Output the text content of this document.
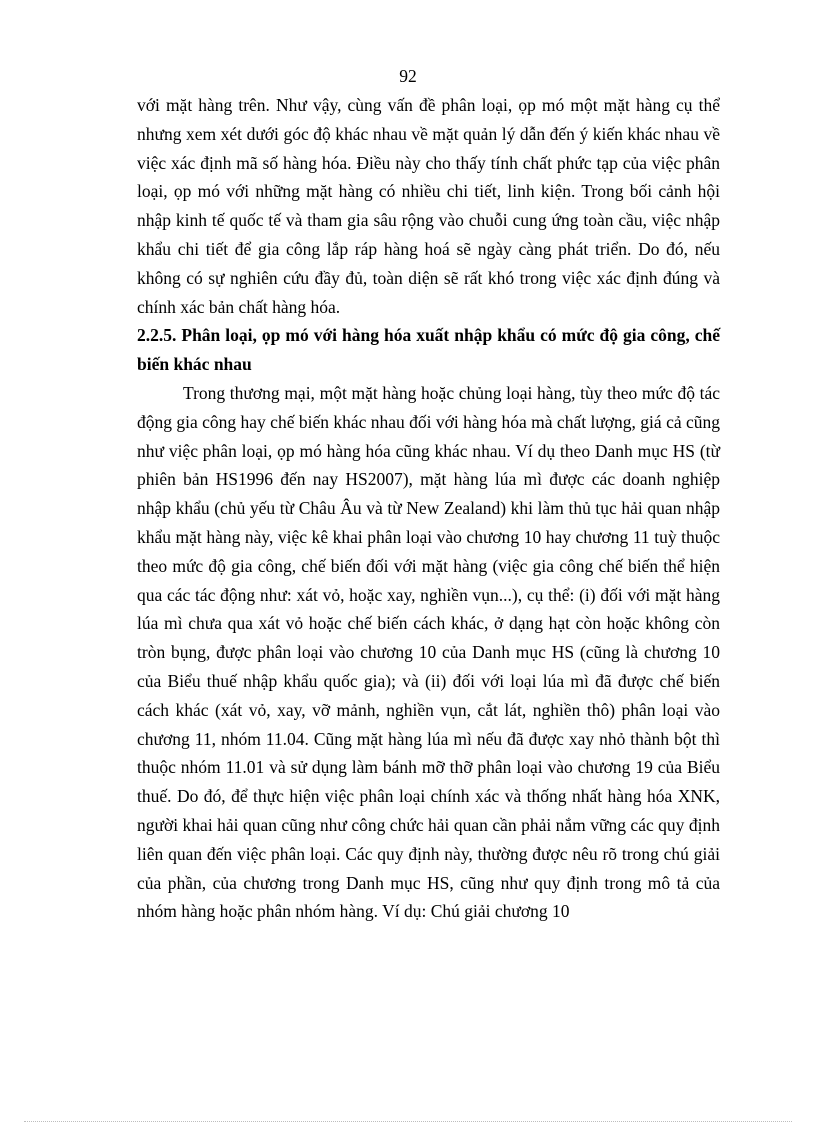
92

với mặt hàng trên. Như vậy, cùng vấn đề phân loại, ọp mó một mặt hàng cụ thể nhưng xem xét dưới góc độ khác nhau về mặt quản lý dẫn đến ý kiến khác nhau về việc xác định mã số hàng hóa. Điều này cho thấy tính chất phức tạp của việc phân loại, ọp mó với những mặt hàng có nhiều chi tiết, linh kiện. Trong bối cảnh hội nhập kinh tế quốc tế và tham gia sâu rộng vào chuỗi cung ứng toàn cầu, việc nhập khẩu chi tiết để gia công lắp ráp hàng hoá sẽ ngày càng phát triển. Do đó, nếu không có sự nghiên cứu đầy đủ, toàn diện sẽ rất khó trong việc xác định đúng và chính xác bản chất hàng hóa.

2.2.5. Phân loại, ọp mó với hàng hóa xuất nhập khẩu có mức độ gia công, chế biến khác nhau

Trong thương mại, một mặt hàng hoặc chủng loại hàng, tùy theo mức độ tác động gia công hay chế biến khác nhau đối với hàng hóa mà chất lượng, giá cả cũng như việc phân loại, ọp mó hàng hóa cũng khác nhau. Ví dụ theo Danh mục HS (từ phiên bản HS1996 đến nay HS2007), mặt hàng lúa mì được các doanh nghiệp nhập khẩu (chủ yếu từ Châu Âu và từ New Zealand) khi làm thủ tục hải quan nhập khẩu mặt hàng này, việc kê khai phân loại vào chương 10 hay chương 11 tuỳ thuộc theo mức độ gia công, chế biến đối với mặt hàng (việc gia công chế biến thể hiện qua các tác động như: xát vỏ, hoặc xay, nghiền vụn...), cụ thể: (i) đối với mặt hàng lúa mì chưa qua xát vỏ hoặc chế biến cách khác, ở dạng hạt còn hoặc không còn tròn bụng, được phân loại vào chương 10 của Danh mục HS (cũng là chương 10 của Biểu thuế nhập khẩu quốc gia); và (ii) đối với loại lúa mì đã được chế biến cách khác (xát vỏ, xay, vỡ mảnh, nghiền vụn, cắt lát, nghiền thô) phân loại vào chương 11, nhóm 11.04. Cũng mặt hàng lúa mì nếu đã được xay nhỏ thành bột thì thuộc nhóm 11.01 và sử dụng làm bánh mỡ thỡ phân loại vào chương 19 của Biểu thuế. Do đó, để thực hiện việc phân loại chính xác và thống nhất hàng hóa XNK, người khai hải quan cũng như công chức hải quan cần phải nắm vững các quy định liên quan đến việc phân loại. Các quy định này, thường được nêu rõ trong chú giải của phần, của chương trong Danh mục HS, cũng như quy định trong mô tả của nhóm hàng hoặc phân nhóm hàng. Ví dụ: Chú giải chương 10
